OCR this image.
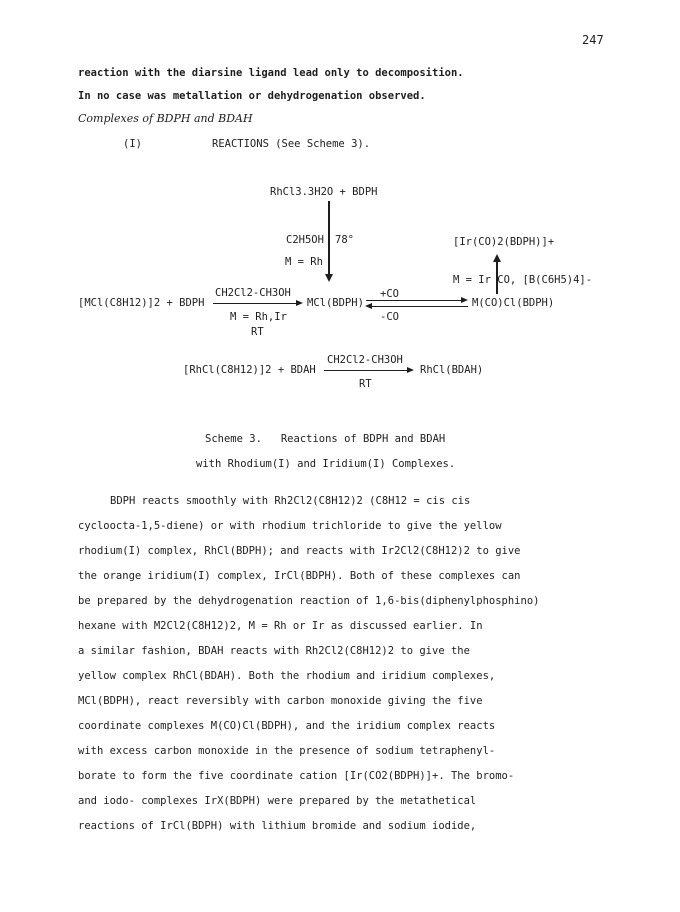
247
reaction with the diarsine ligand lead only to decomposition.
In no case was metallation or dehydrogenation observed.
Complexes of BDPH and BDAH
(I)	REACTIONS (See Scheme 3).
RhCl3.3H2O + BDPH
C2H5OH 78°
M = Rh
[Ir(CO)2(BDPH)]+
M = Ir CO, [B(C6H5)4]-
CH2Cl2-CH3OH
[MCl(C8H12)]2 + BDPH	MCl(BDPH)
M = Rh,Ir
RT
+CO
M(CO)Cl(BDPH)
-CO
CH2Cl2-CH3OH
[RhCl(C8H12)]2 + BDAH	RhCl(BDAH)
RT
Scheme 3.   Reactions of BDPH and BDAH
with Rhodium(I) and Iridium(I) Complexes.
BDPH reacts smoothly with Rh2Cl2(C8H12)2 (C8H12 = cis cis
cycloocta-1,5-diene) or with rhodium trichloride to give the yellow
rhodium(I) complex, RhCl(BDPH); and reacts with Ir2Cl2(C8H12)2 to give
the orange iridium(I) complex, IrCl(BDPH). Both of these complexes can
be prepared by the dehydrogenation reaction of 1,6-bis(diphenylphosphino)
hexane with M2Cl2(C8H12)2, M = Rh or Ir as discussed earlier. In
a similar fashion, BDAH reacts with Rh2Cl2(C8H12)2 to give the
yellow complex RhCl(BDAH). Both the rhodium and iridium complexes,
MCl(BDPH), react reversibly with carbon monoxide giving the five
coordinate complexes M(CO)Cl(BDPH), and the iridium complex reacts
with excess carbon monoxide in the presence of sodium tetraphenyl-
borate to form the five coordinate cation [Ir(CO2(BDPH)]+. The bromo-
and iodo- complexes IrX(BDPH) were prepared by the metathetical
reactions of IrCl(BDPH) with lithium bromide and sodium iodide,
